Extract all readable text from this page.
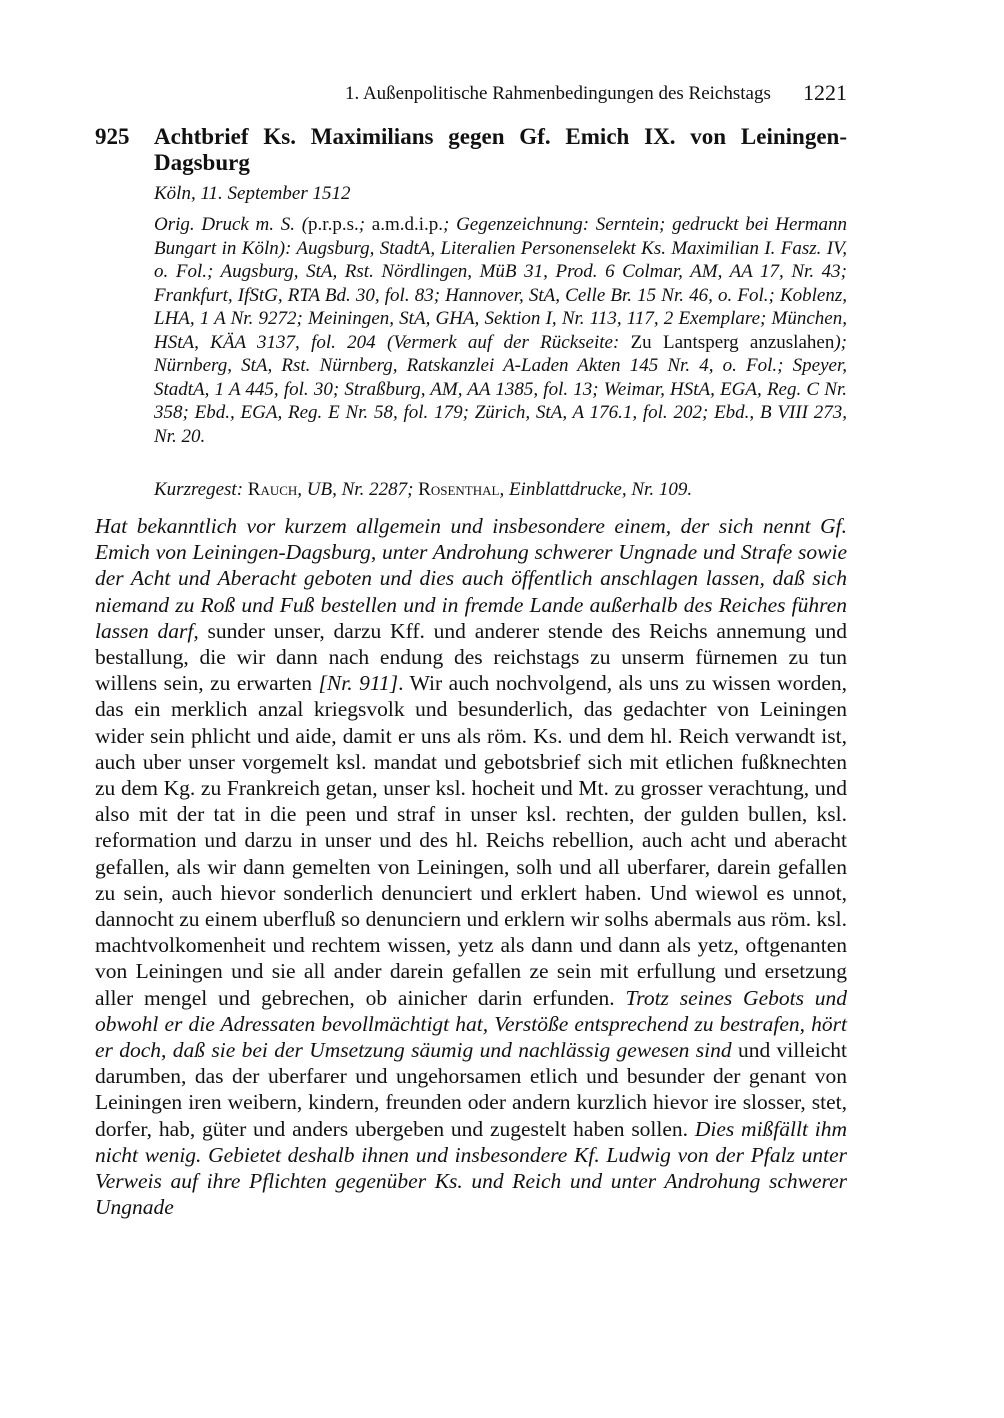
1. Außenpolitische Rahmenbedingungen des Reichstags 1221
925 Achtbrief Ks. Maximilians gegen Gf. Emich IX. von Leiningen-Dagsburg
Köln, 11. September 1512
Orig. Druck m. S. (p.r.p.s.; a.m.d.i.p.; Gegenzeichnung: Serntein; gedruckt bei Hermann Bungart in Köln): Augsburg, StadtA, Literalien Personenselekt Ks. Maximilian I. Fasz. IV, o. Fol.; Augsburg, StA, Rst. Nördlingen, MüB 31, Prod. 6 Colmar, AM, AA 17, Nr. 43; Frankfurt, IfStG, RTA Bd. 30, fol. 83; Hannover, StA, Celle Br. 15 Nr. 46, o. Fol.; Koblenz, LHA, 1 A Nr. 9272; Meiningen, StA, GHA, Sektion I, Nr. 113, 117, 2 Exemplare; München, HStA, KÄA 3137, fol. 204 (Vermerk auf der Rückseite: Zu Lantsperg anzuslahen); Nürnberg, StA, Rst. Nürnberg, Ratskanzlei A-Laden Akten 145 Nr. 4, o. Fol.; Speyer, StadtA, 1 A 445, fol. 30; Straßburg, AM, AA 1385, fol. 13; Weimar, HStA, EGA, Reg. C Nr. 358; Ebd., EGA, Reg. E Nr. 58, fol. 179; Zürich, StA, A 176.1, fol. 202; Ebd., B VIII 273, Nr. 20.
Kurzregest: Rauch, UB, Nr. 2287; Rosenthal, Einblattdrucke, Nr. 109.
Hat bekanntlich vor kurzem allgemein und insbesondere einem, der sich nennt Gf. Emich von Leiningen-Dagsburg, unter Androhung schwerer Ungnade und Strafe sowie der Acht und Aberacht geboten und dies auch öffentlich anschlagen lassen, daß sich niemand zu Roß und Fuß bestellen und in fremde Lande außerhalb des Reiches führen lassen darf, sunder unser, darzu Kff. und anderer stende des Reichs annemung und bestallung, die wir dann nach endung des reichstags zu unserm fürnemen zu tun willens sein, zu erwarten [Nr. 911]. Wir auch nochvolgend, als uns zu wissen worden, das ein merklich anzal kriegsvolk und besunderlich, das gedachter von Leiningen wider sein phlicht und aide, damit er uns als röm. Ks. und dem hl. Reich verwandt ist, auch uber unser vorgemelt ksl. mandat und gebotsbrief sich mit etlichen fußknechten zu dem Kg. zu Frankreich getan, unser ksl. hocheit und Mt. zu grosser verachtung, und also mit der tat in die peen und straf in unser ksl. rechten, der gulden bullen, ksl. reformation und darzu in unser und des hl. Reichs rebellion, auch acht und aberacht gefallen, als wir dann gemelten von Leiningen, solh und all uberfarer, darein gefallen zu sein, auch hievor sonderlich denunciert und erklert haben. Und wiewol es unnot, dannocht zu einem uberfluß so denunciern und erklern wir solhs abermals aus röm. ksl. machtvolkomenheit und rechtem wissen, yetz als dann und dann als yetz, oftgenanten von Leiningen und sie all ander darein gefallen ze sein mit erfullung und ersetzung aller mengel und gebrechen, ob ainicher darin erfunden. Trotz seines Gebots und obwohl er die Adressaten bevollmächtigt hat, Verstöße entsprechend zu bestrafen, hört er doch, daß sie bei der Umsetzung säumig und nachlässig gewesen sind und villeicht darumben, das der uberfarer und ungehorsamen etlich und besunder der genant von Leiningen iren weibern, kindern, freunden oder andern kurzlich hievor ire slosser, stet, dorfer, hab, güter und anders ubergeben und zugestelt haben sollen. Dies mißfällt ihm nicht wenig. Gebietet deshalb ihnen und insbesondere Kf. Ludwig von der Pfalz unter Verweis auf ihre Pflichten gegenüber Ks. und Reich und unter Androhung schwerer Ungnade
